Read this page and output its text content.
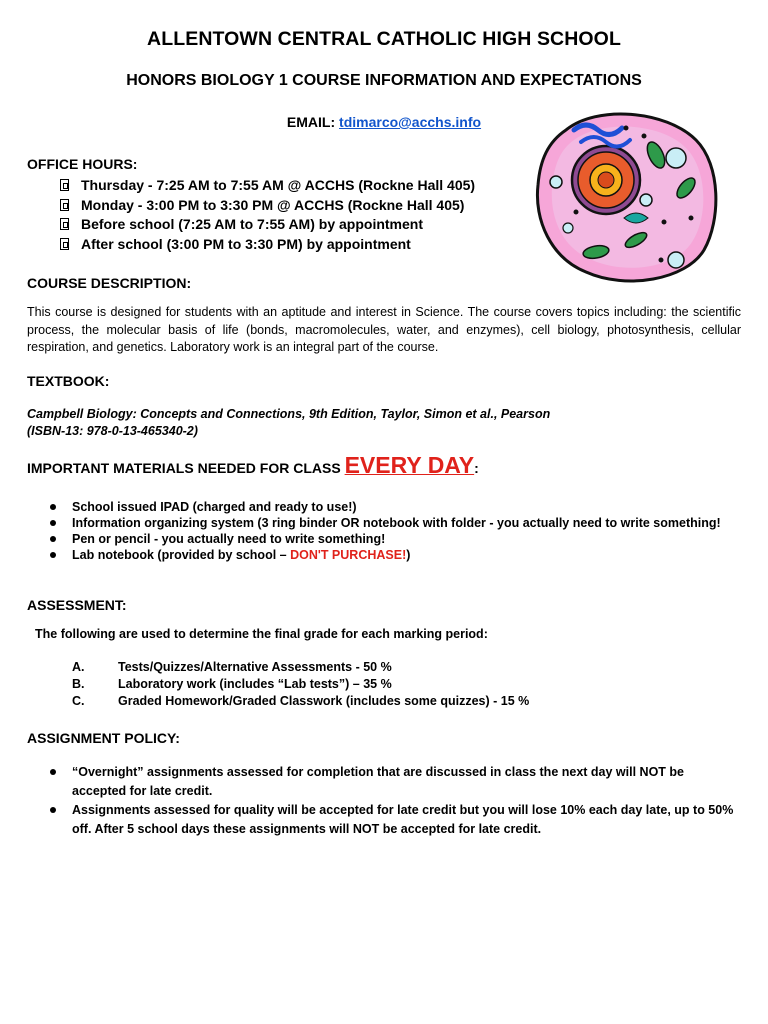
ALLENTOWN CENTRAL CATHOLIC HIGH SCHOOL
HONORS BIOLOGY 1 COURSE INFORMATION AND EXPECTATIONS
EMAIL: tdimarco@acchs.info
OFFICE HOURS:
Thursday - 7:25 AM to 7:55 AM @ ACCHS (Rockne Hall 405)
Monday - 3:00 PM to 3:30 PM @ ACCHS (Rockne Hall 405)
Before school (7:25 AM to 7:55 AM) by appointment
After school (3:00 PM to 3:30 PM) by appointment
COURSE DESCRIPTION:

This course is designed for students with an aptitude and interest in Science. The course covers topics including: the scientific process, the molecular basis of life (bonds, macromolecules, water, and enzymes), cell biology, photosynthesis, cellular respiration, and genetics. Laboratory work is an integral part of the course.

TEXTBOOK:
Campbell Biology: Concepts and Connections, 9th Edition, Taylor, Simon et al., Pearson
(ISBN-13: 978-0-13-465340-2)
IMPORTANT MATERIALS NEEDED FOR CLASS EVERY DAY:
School issued IPAD (charged and ready to use!)
Information organizing system (3 ring binder OR notebook with folder - you actually need to write something!
Pen or pencil - you actually need to write something!
Lab notebook (provided by school – DON'T PURCHASE!)
ASSESSMENT:

The following are used to determine the final grade for each marking period:

A.	Tests/Quizzes/Alternative Assessments - 50 %
B.	Laboratory work (includes “Lab tests”) – 35 %
C.	Graded Homework/Graded Classwork (includes some quizzes) - 15 %
ASSIGNMENT POLICY:
“Overnight” assignments assessed for completion that are discussed in class the next day will NOT be accepted for late credit.
Assignments assessed for quality will be accepted for late credit but you will lose 10% each day late, up to 50% off. After 5 school days these assignments will NOT be accepted for late credit.
